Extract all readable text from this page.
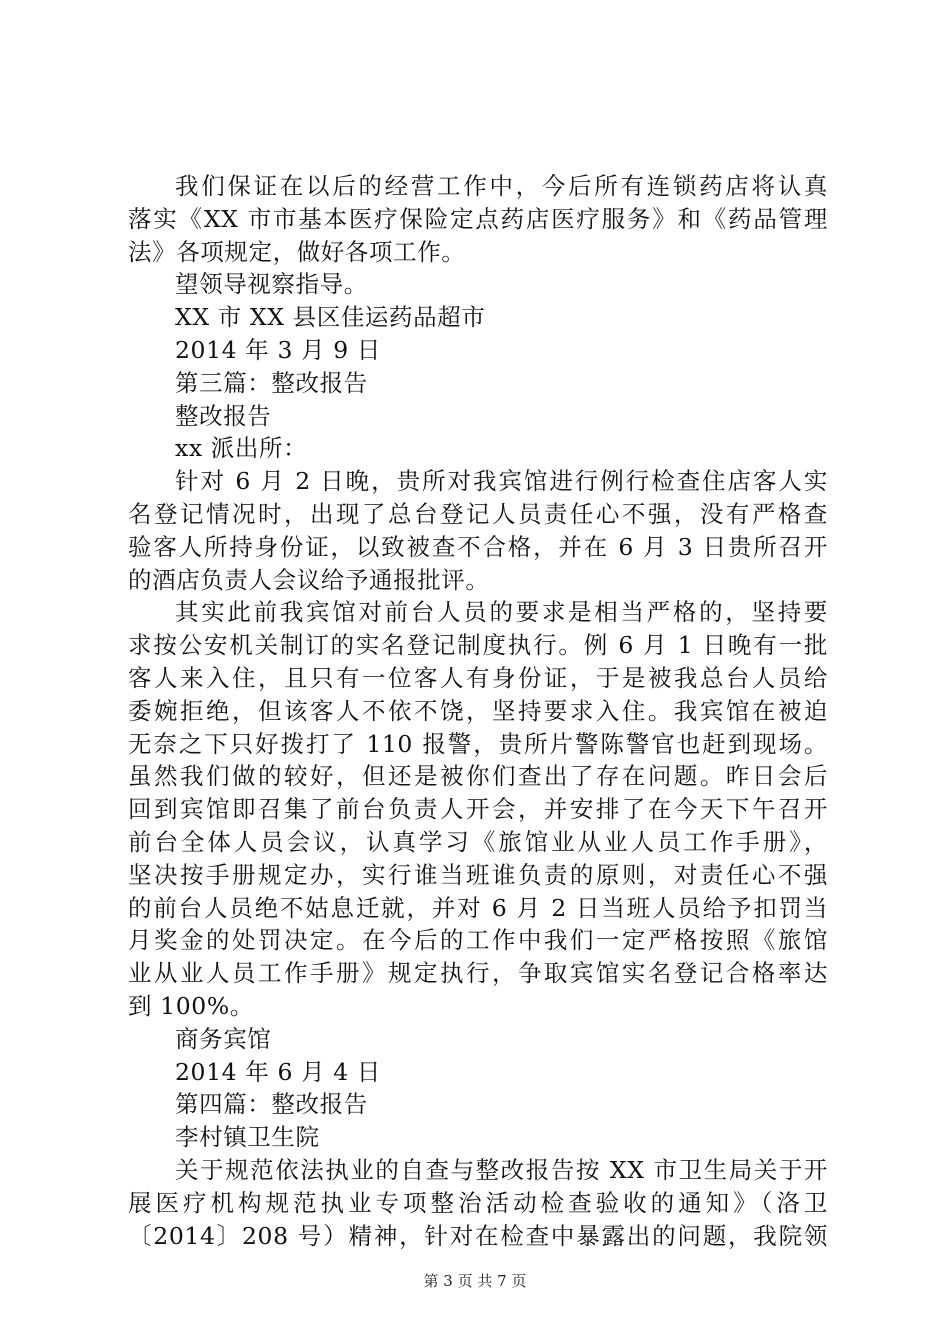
我们保证在以后的经营工作中，今后所有连锁药店将认真
落实《XX 市市基本医疗保险定点药店医疗服务》和《药品管理
法》各项规定，做好各项工作。
望领导视察指导。
XX 市 XX 县区佳运药品超市
2014 年 3 月 9 日
第三篇：整改报告
整改报告
xx 派出所：
针对 6 月 2 日晚，贵所对我宾馆进行例行检查住店客人实
名登记情况时，出现了总台登记人员责任心不强，没有严格查
验客人所持身份证，以致被查不合格，并在 6 月 3 日贵所召开
的酒店负责人会议给予通报批评。
其实此前我宾馆对前台人员的要求是相当严格的，坚持要
求按公安机关制订的实名登记制度执行。例 6 月 1 日晚有一批
客人来入住，且只有一位客人有身份证，于是被我总台人员给
委婉拒绝，但该客人不依不饶，坚持要求入住。我宾馆在被迫
无奈之下只好拨打了 110 报警，贵所片警陈警官也赶到现场。
虽然我们做的较好，但还是被你们查出了存在问题。昨日会后
回到宾馆即召集了前台负责人开会，并安排了在今天下午召开
前台全体人员会议，认真学习《旅馆业从业人员工作手册》，
坚决按手册规定办，实行谁当班谁负责的原则，对责任心不强
的前台人员绝不姑息迁就，并对 6 月 2 日当班人员给予扣罚当
月奖金的处罚决定。在今后的工作中我们一定严格按照《旅馆
业从业人员工作手册》规定执行，争取宾馆实名登记合格率达
到 100%。
商务宾馆
2014 年 6 月 4 日
第四篇：整改报告
李村镇卫生院
关于规范依法执业的自查与整改报告按 XX 市卫生局关于开
展医疗机构规范执业专项整治活动检查验收的通知》（洛卫
〔2014〕208 号）精神，针对在检查中暴露出的问题，我院领
第 3 页 共 7 页
